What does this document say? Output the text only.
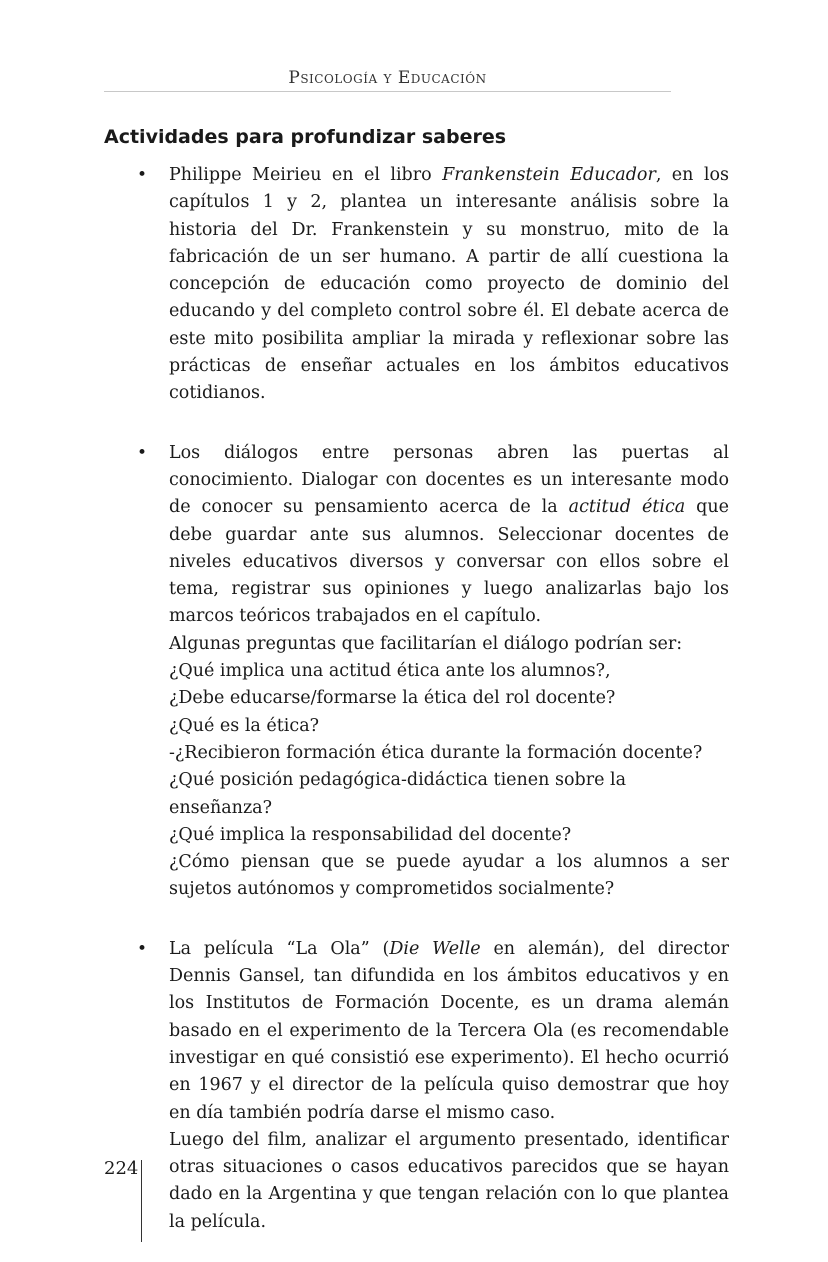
Psicología y Educación
Actividades para profundizar saberes
• Philippe Meirieu en el libro Frankenstein Educador, en los capítulos 1 y 2, plantea un interesante análisis sobre la historia del Dr. Frankenstein y su monstruo, mito de la fabricación de un ser humano. A partir de allí cuestiona la concepción de educación como proyecto de dominio del educando y del completo control sobre él. El debate acerca de este mito posibilita ampliar la mirada y reflexionar sobre las prácticas de enseñar actuales en los ámbitos educativos cotidianos.

• Los diálogos entre personas abren las puertas al conocimiento. Dialogar con docentes es un interesante modo de conocer su pensamiento acerca de la actitud ética que debe guardar ante sus alumnos. Seleccionar docentes de niveles educativos diversos y conversar con ellos sobre el tema, registrar sus opiniones y luego analizarlas bajo los marcos teóricos trabajados en el capítulo.

Algunas preguntas que facilitarían el diálogo podrían ser:
¿Qué implica una actitud ética ante los alumnos?,
¿Debe educarse/formarse la ética del rol docente?
¿Qué es la ética?
-¿Recibieron formación ética durante la formación docente?
¿Qué posición pedagógica-didáctica tienen sobre la enseñanza?
¿Qué implica la responsabilidad del docente?

¿Cómo piensan que se puede ayudar a los alumnos a ser sujetos autónomos y comprometidos socialmente?

• La película “La Ola” (Die Welle en alemán), del director Dennis Gansel, tan difundida en los ámbitos educativos y en los Institutos de Formación Docente, es un drama alemán basado en el experimento de la Tercera Ola (es recomendable investigar en qué consistió ese experimento). El hecho ocurrió en 1967 y el director de la película quiso demostrar que hoy en día también podría darse el mismo caso.

Luego del film, analizar el argumento presentado, identificar otras situaciones o casos educativos parecidos que se hayan dado en la Argentina y que tengan relación con lo que plantea la película.

224
